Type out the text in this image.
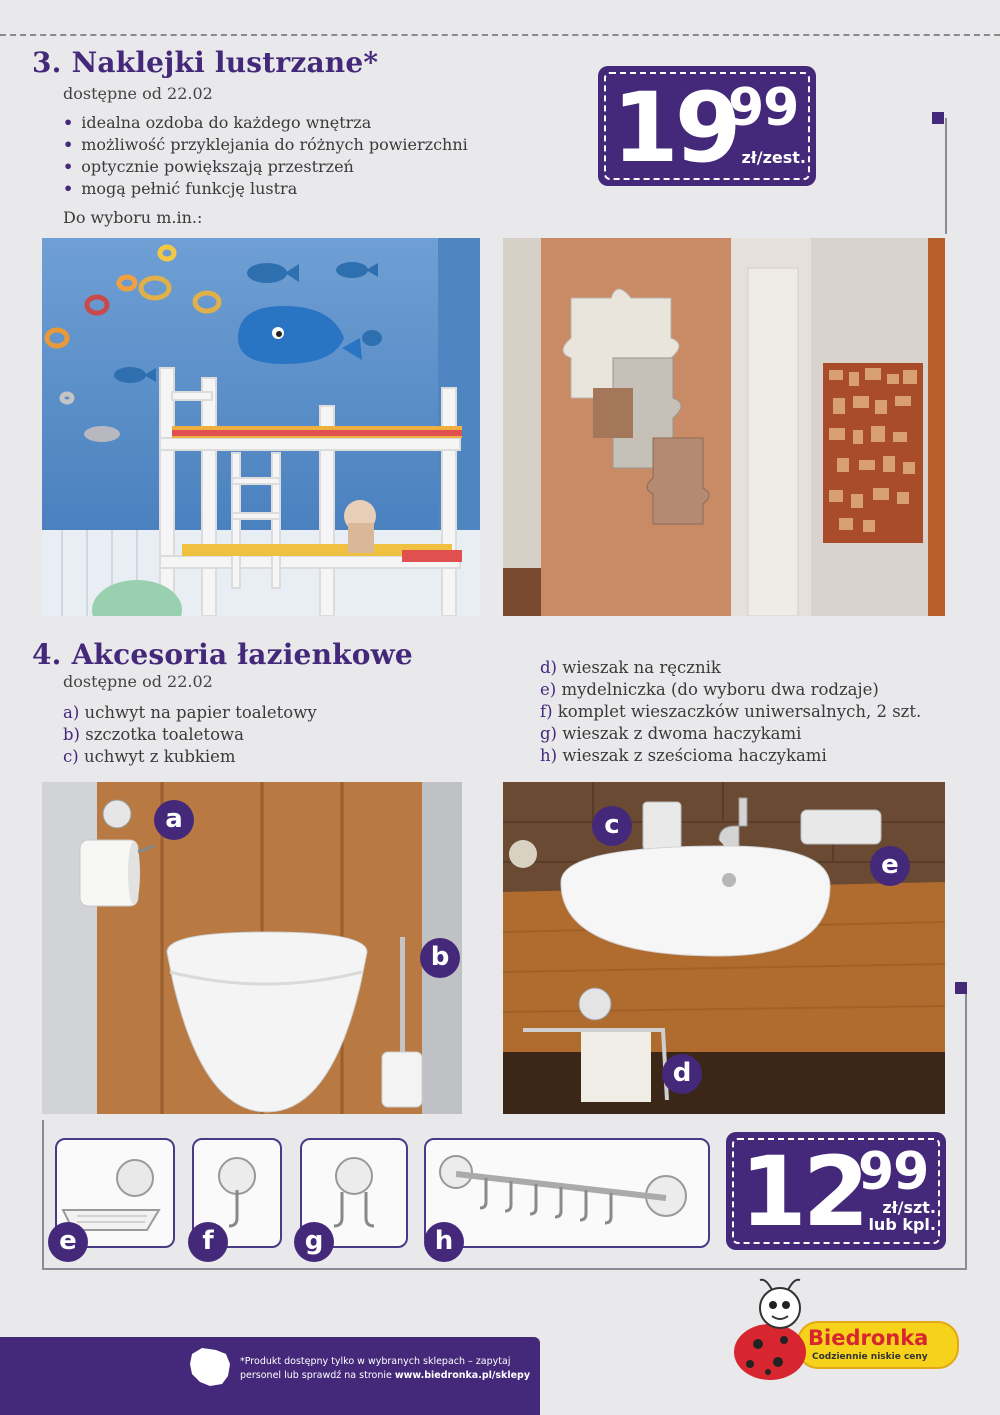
3. Naklejki lustrzane*
dostępne od 22.02
• idealna ozdoba do każdego wnętrza
• możliwość przyklejania do różnych powierzchni
• optycznie powiększają przestrzeń
• mogą pełnić funkcję lustra
Do wyboru m.in.:
19
99
zł/zest.
4. Akcesoria łazienkowe
dostępne od 22.02
a) uchwyt na papier toaletowy
b) szczotka toaletowa
c) uchwyt z kubkiem
d) wieszak na ręcznik
e) mydelniczka (do wyboru dwa rodzaje)
f) komplet wieszaczków uniwersalnych, 2 szt.
g) wieszak z dwoma haczykami
h) wieszak z sześcioma haczykami
a
b
c
e
d
e	f	g	h	12
99
zł/szt.
lub kpl.
*Produkt dostępny tylko w wybranych sklepach – zapytaj
personel lub sprawdź na stronie www.biedronka.pl/sklepy
Biedronka
Codziennie niskie ceny
